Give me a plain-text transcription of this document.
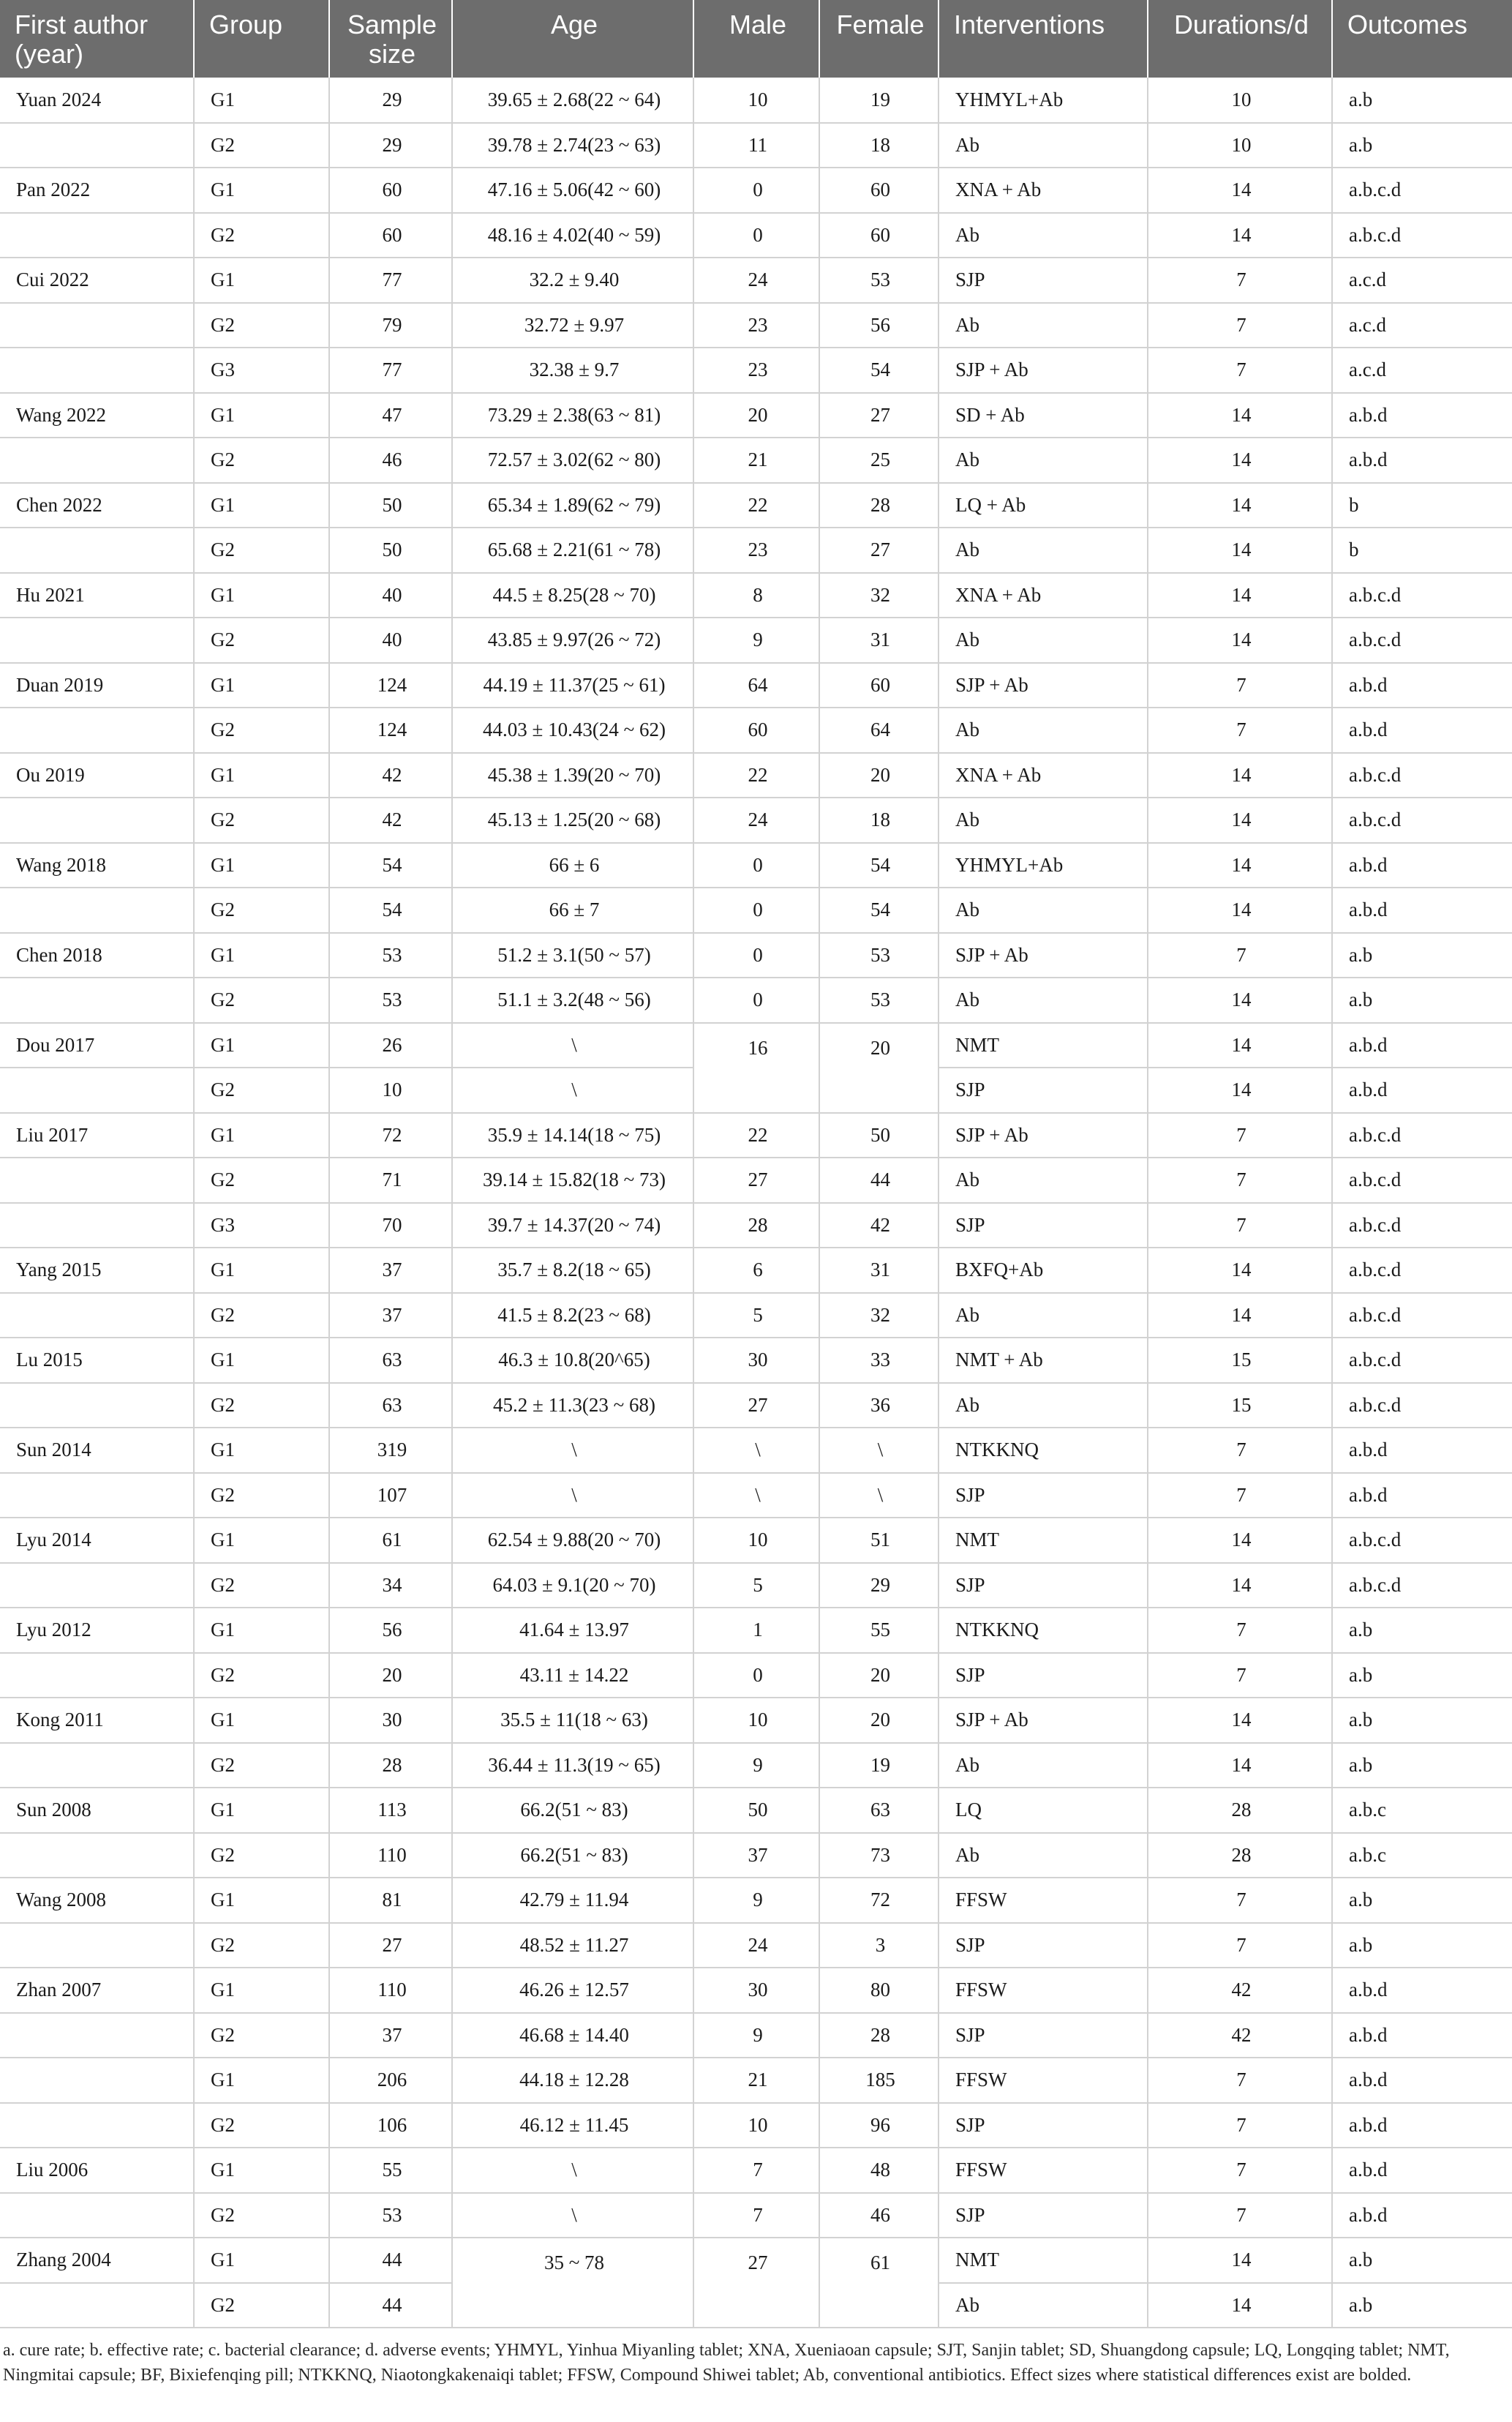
First author (year)	Group	Sample size	Age	Male	Female	Interventions	Durations/d	Outcomes
Yuan 2024	G1	29	39.65 ± 2.68(22 ~ 64)	10	19	YHMYL+Ab	10	a.b
	G2	29	39.78 ± 2.74(23 ~ 63)	11	18	Ab	10	a.b
Pan 2022	G1	60	47.16 ± 5.06(42 ~ 60)	0	60	XNA + Ab	14	a.b.c.d
	G2	60	48.16 ± 4.02(40 ~ 59)	0	60	Ab	14	a.b.c.d
Cui 2022	G1	77	32.2 ± 9.40	24	53	SJP	7	a.c.d
	G2	79	32.72 ± 9.97	23	56	Ab	7	a.c.d
	G3	77	32.38 ± 9.7	23	54	SJP + Ab	7	a.c.d
Wang 2022	G1	47	73.29 ± 2.38(63 ~ 81)	20	27	SD + Ab	14	a.b.d
	G2	46	72.57 ± 3.02(62 ~ 80)	21	25	Ab	14	a.b.d
Chen 2022	G1	50	65.34 ± 1.89(62 ~ 79)	22	28	LQ + Ab	14	b
	G2	50	65.68 ± 2.21(61 ~ 78)	23	27	Ab	14	b
Hu 2021	G1	40	44.5 ± 8.25(28 ~ 70)	8	32	XNA + Ab	14	a.b.c.d
	G2	40	43.85 ± 9.97(26 ~ 72)	9	31	Ab	14	a.b.c.d
Duan 2019	G1	124	44.19 ± 11.37(25 ~ 61)	64	60	SJP + Ab	7	a.b.d
	G2	124	44.03 ± 10.43(24 ~ 62)	60	64	Ab	7	a.b.d
Ou 2019	G1	42	45.38 ± 1.39(20 ~ 70)	22	20	XNA + Ab	14	a.b.c.d
	G2	42	45.13 ± 1.25(20 ~ 68)	24	18	Ab	14	a.b.c.d
Wang 2018	G1	54	66 ± 6	0	54	YHMYL+Ab	14	a.b.d
	G2	54	66 ± 7	0	54	Ab	14	a.b.d
Chen 2018	G1	53	51.2 ± 3.1(50 ~ 57)	0	53	SJP + Ab	7	a.b
	G2	53	51.1 ± 3.2(48 ~ 56)	0	53	Ab	14	a.b
Dou 2017	G1	26	\	16	20	NMT	14	a.b.d
	G2	10	\			SJP	14	a.b.d
Liu 2017	G1	72	35.9 ± 14.14(18 ~ 75)	22	50	SJP + Ab	7	a.b.c.d
	G2	71	39.14 ± 15.82(18 ~ 73)	27	44	Ab	7	a.b.c.d
	G3	70	39.7 ± 14.37(20 ~ 74)	28	42	SJP	7	a.b.c.d
Yang 2015	G1	37	35.7 ± 8.2(18 ~ 65)	6	31	BXFQ+Ab	14	a.b.c.d
	G2	37	41.5 ± 8.2(23 ~ 68)	5	32	Ab	14	a.b.c.d
Lu 2015	G1	63	46.3 ± 10.8(20^65)	30	33	NMT + Ab	15	a.b.c.d
	G2	63	45.2 ± 11.3(23 ~ 68)	27	36	Ab	15	a.b.c.d
Sun 2014	G1	319	\	\	\	NTKKNQ	7	a.b.d
	G2	107	\	\	\	SJP	7	a.b.d
Lyu 2014	G1	61	62.54 ± 9.88(20 ~ 70)	10	51	NMT	14	a.b.c.d
	G2	34	64.03 ± 9.1(20 ~ 70)	5	29	SJP	14	a.b.c.d
Lyu 2012	G1	56	41.64 ± 13.97	1	55	NTKKNQ	7	a.b
	G2	20	43.11 ± 14.22	0	20	SJP	7	a.b
Kong 2011	G1	30	35.5 ± 11(18 ~ 63)	10	20	SJP + Ab	14	a.b
	G2	28	36.44 ± 11.3(19 ~ 65)	9	19	Ab	14	a.b
Sun 2008	G1	113	66.2(51 ~ 83)	50	63	LQ	28	a.b.c
	G2	110	66.2(51 ~ 83)	37	73	Ab	28	a.b.c
Wang 2008	G1	81	42.79 ± 11.94	9	72	FFSW	7	a.b
	G2	27	48.52 ± 11.27	24	3	SJP	7	a.b
Zhan 2007	G1	110	46.26 ± 12.57	30	80	FFSW	42	a.b.d
	G2	37	46.68 ± 14.40	9	28	SJP	42	a.b.d
	G1	206	44.18 ± 12.28	21	185	FFSW	7	a.b.d
	G2	106	46.12 ± 11.45	10	96	SJP	7	a.b.d
Liu 2006	G1	55	\	7	48	FFSW	7	a.b.d
	G2	53	\	7	46	SJP	7	a.b.d
Zhang 2004	G1	44	35 ~ 78	27	61	NMT	14	a.b
	G2	44				Ab	14	a.b
a. cure rate; b. effective rate; c. bacterial clearance; d. adverse events; YHMYL, Yinhua Miyanling tablet; XNA, Xueniaoan capsule; SJT, Sanjin tablet; SD, Shuangdong capsule; LQ, Longqing tablet; NMT, Ningmitai capsule; BF, Bixiefenqing pill; NTKKNQ, Niaotongkakenaiqi tablet; FFSW, Compound Shiwei tablet; Ab, conventional antibiotics. Effect sizes where statistical differences exist are bolded.
